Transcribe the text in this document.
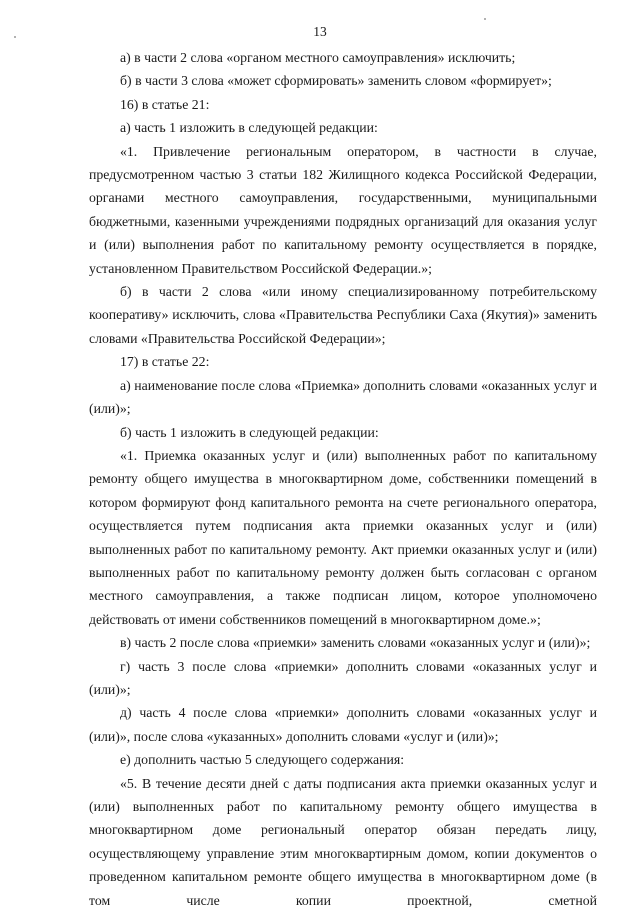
13

а) в части 2 слова «органом местного самоуправления» исключить;

б) в части 3 слова «может сформировать» заменить словом «формирует»;

16) в статье 21:

а) часть 1 изложить в следующей редакции:

«1. Привлечение региональным оператором, в частности в случае, предусмотренном частью 3 статьи 182 Жилищного кодекса Российской Федерации, органами местного самоуправления, государственными, муниципальными бюджетными, казенными учреждениями подрядных организаций для оказания услуг и (или) выполнения работ по капитальному ремонту осуществляется в порядке, установленном Правительством Российской Федерации.»;

б) в части 2 слова «или иному специализированному потребительскому кооперативу» исключить, слова «Правительства Республики Саха (Якутия)» заменить словами «Правительства Российской Федерации»;

17) в статье 22:

а) наименование после слова «Приемка» дополнить словами «оказанных услуг и (или)»;

б) часть 1 изложить в следующей редакции:

«1. Приемка оказанных услуг и (или) выполненных работ по капитальному ремонту общего имущества в многоквартирном доме, собственники помещений в котором формируют фонд капитального ремонта на счете регионального оператора, осуществляется путем подписания акта приемки оказанных услуг и (или) выполненных работ по капитальному ремонту. Акт приемки оказанных услуг и (или) выполненных работ по капитальному ремонту должен быть согласован с органом местного самоуправления, а также подписан лицом, которое уполномочено действовать от имени собственников помещений в многоквартирном доме.»;

в) часть 2 после слова «приемки» заменить словами «оказанных услуг и (или)»;

г) часть 3 после слова «приемки» дополнить словами «оказанных услуг и (или)»;

д) часть 4 после слова «приемки» дополнить словами «оказанных услуг и (или)», после слова «указанных» дополнить словами «услуг и (или)»;

е) дополнить частью 5 следующего содержания:

«5. В течение десяти дней с даты подписания акта приемки оказанных услуг и (или) выполненных работ по капитальному ремонту общего имущества в многоквартирном доме региональный оператор обязан передать лицу, осуществляющему управление этим многоквартирным домом, копии документов о проведенном капитальном ремонте общего имущества в многоквартирном доме (в том числе копии проектной, сметной
